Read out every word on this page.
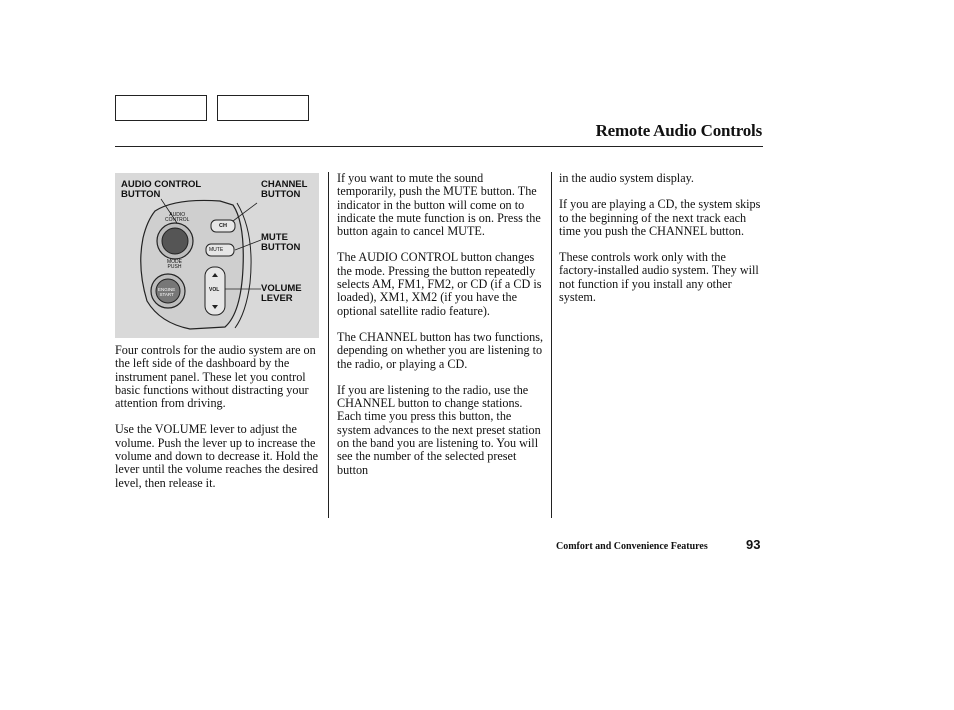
Remote Audio Controls
AUDIO CONTROL
BUTTON
CHANNEL
BUTTON
MUTE
BUTTON
VOLUME
LEVER
AUDIO
CONTROL
MODE
PUSH
ENGINE
START
CH
MUTE
VOL

Four controls for the audio system are on the left side of the dashboard by the instrument panel. These let you control basic functions without distracting your attention from driving.

Use the VOLUME lever to adjust the volume. Push the lever up to increase the volume and down to decrease it. Hold the lever until the volume reaches the desired level, then release it.

If you want to mute the sound temporarily, push the MUTE button. The indicator in the button will come on to indicate the mute function is on. Press the button again to cancel MUTE.

The AUDIO CONTROL button changes the mode. Pressing the button repeatedly selects AM, FM1, FM2, or CD (if a CD is loaded), XM1, XM2 (if you have the optional satellite radio feature).

The CHANNEL button has two functions, depending on whether you are listening to the radio, or playing a CD.

If you are listening to the radio, use the CHANNEL button to change stations. Each time you press this button, the system advances to the next preset station on the band you are listening to. You will see the number of the selected preset button

in the audio system display.

If you are playing a CD, the system skips to the beginning of the next track each time you push the CHANNEL button.

These controls work only with the factory-installed audio system. They will not function if you install any other system.

Comfort and Convenience Features	93
